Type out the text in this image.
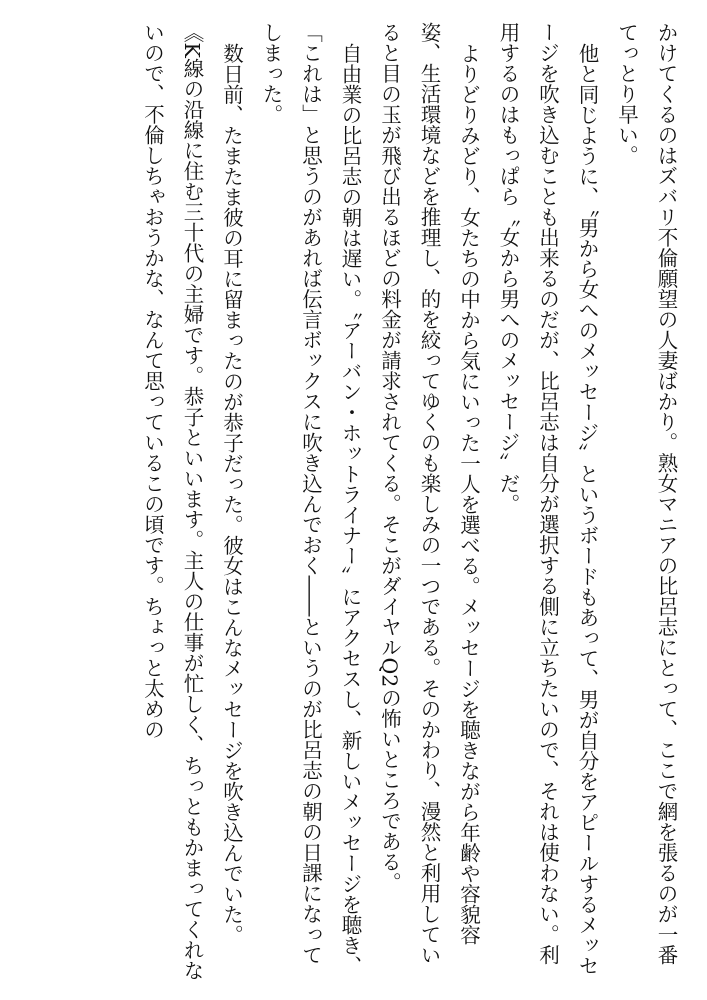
かけてくるのはズバリ不倫願望の人妻ばかり。熟女マニアの比呂志にとって、ここで網を張るのが一番てっとり早い。

他と同じように、〝男から女へのメッセージ〟というボードもあって、男が自分をアピールするメッセージを吹き込むことも出来るのだが、比呂志は自分が選択する側に立ちたいので、それは使わない。利用するのはもっぱら〝女から男へのメッセージ〟だ。

よりどりみどり、女たちの中から気にいった一人を選べる。メッセージを聴きながら年齢や容貌容姿、生活環境などを推理し、的を絞ってゆくのも楽しみの一つである。そのかわり、漫然と利用していると目の玉が飛び出るほどの料金が請求されてくる。そこがダイヤルQ2の怖いところである。

自由業の比呂志の朝は遅い。〝アーバン・ホットライナー〟にアクセスし、新しいメッセージを聴き、「これは」と思うのがあれば伝言ボックスに吹き込んでおく――というのが比呂志の朝の日課になってしまった。

数日前、たまたま彼の耳に留まったのが恭子だった。彼女はこんなメッセージを吹き込んでいた。

《K線の沿線に住む三十代の主婦です。恭子といいます。主人の仕事が忙しく、ちっともかまってくれないので、不倫しちゃおうかな、なんて思っているこの頃です。ちょっと太めの
